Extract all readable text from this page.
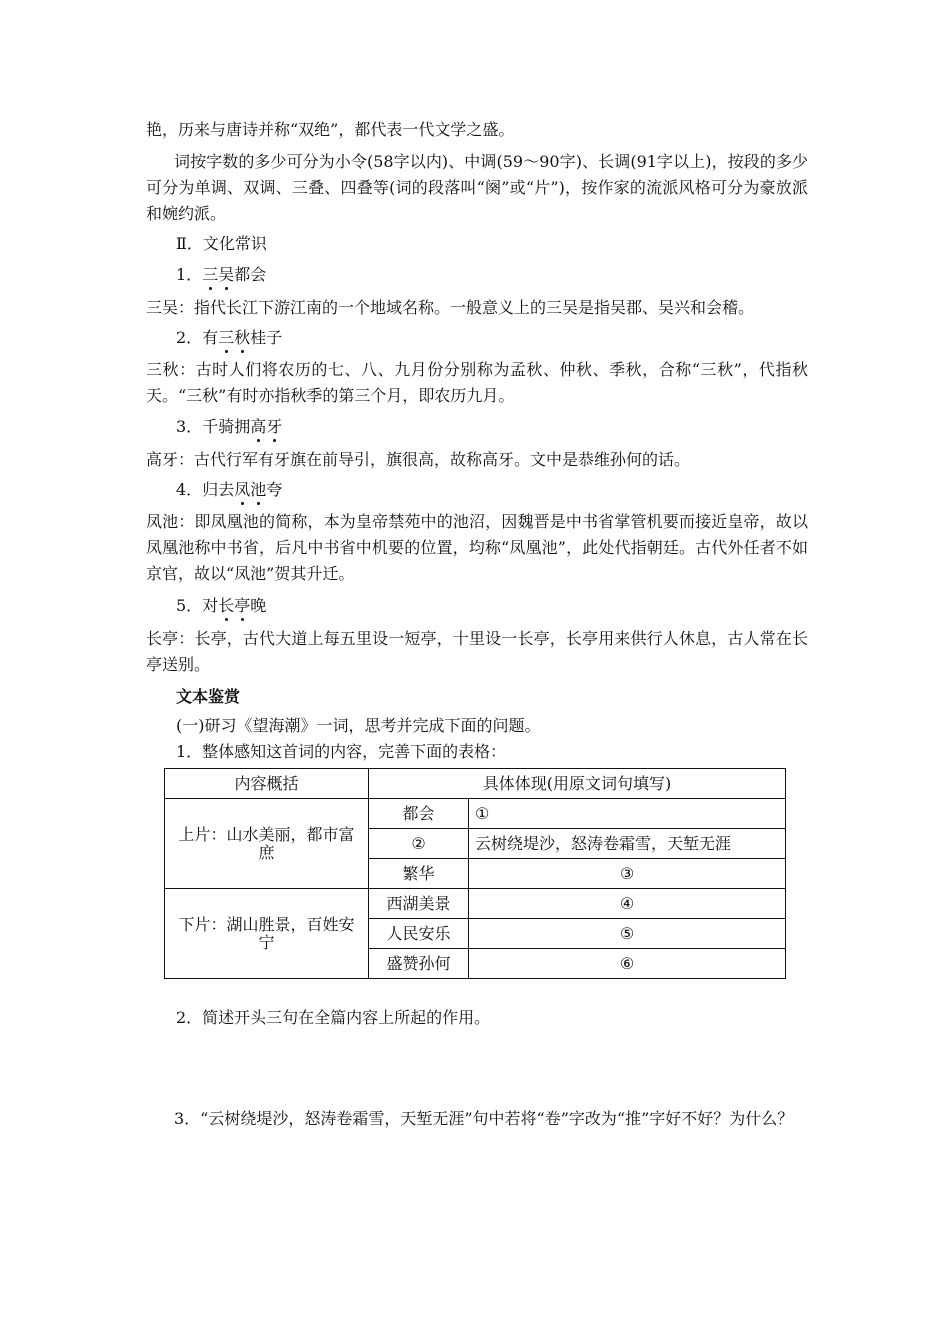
艳，历来与唐诗并称“双绝”，都代表一代文学之盛。

词按字数的多少可分为小令(58字以内)、中调(59～90字)、长调(91字以上)，按段的多少可分为单调、双调、三叠、四叠等(词的段落叫“阕”或“片”)，按作家的流派风格可分为豪放派和婉约派。

Ⅱ．文化常识

1．三吴都会

三吴：指代长江下游江南的一个地域名称。一般意义上的三吴是指吴郡、吴兴和会稽。

2．有三秋桂子

三秋：古时人们将农历的七、八、九月份分别称为孟秋、仲秋、季秋，合称“三秋”，代指秋天。“三秋”有时亦指秋季的第三个月，即农历九月。

3．千骑拥高牙

高牙：古代行军有牙旗在前导引，旗很高，故称高牙。文中是恭维孙何的话。

4．归去凤池夸

凤池：即凤凰池的简称，本为皇帝禁苑中的池沼，因魏晋是中书省掌管机要而接近皇帝，故以凤凰池称中书省，后凡中书省中机要的位置，均称“凤凰池”，此处代指朝廷。古代外任者不如京官，故以“凤池”贺其升迁。

5．对长亭晚

长亭：长亭，古代大道上每五里设一短亭，十里设一长亭，长亭用来供行人休息，古人常在长亭送别。

文本鉴赏

(一)研习《望海潮》一词，思考并完成下面的问题。

1．整体感知这首词的内容，完善下面的表格：

内容概括	具体体现(用原文词句填写)	
上片：山水美丽，都市富庶	都会	①
	②	云树绕堤沙，怒涛卷霜雪，天堑无涯
	繁华	③
下片：湖山胜景，百姓安宁	西湖美景	④
	人民安乐	⑤
	盛赞孙何	⑥

2．简述开头三句在全篇内容上所起的作用。

3．“云树绕堤沙，怒涛卷霜雪，天堑无涯”句中若将“卷”字改为“推”字好不好？为什么？
